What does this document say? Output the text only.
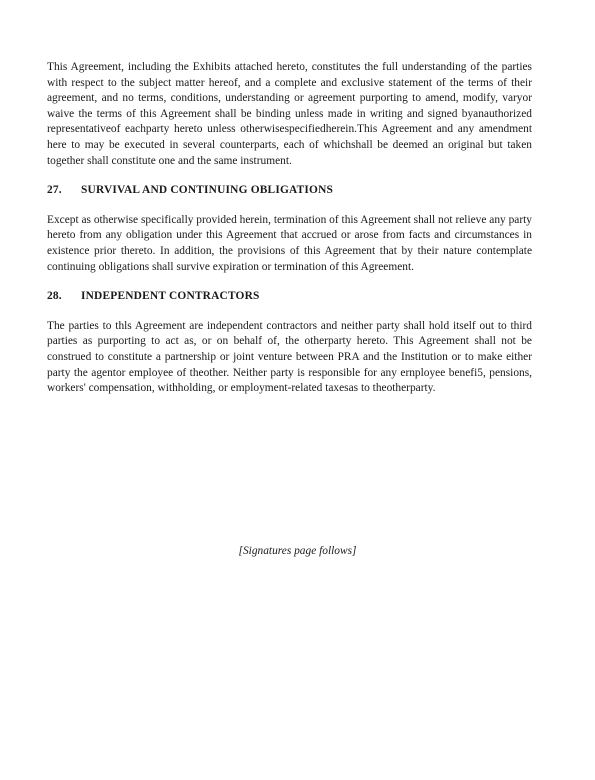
This Agreement, including the Exhibits attached hereto, constitutes the full understanding of the parties with respect to the subject matter hereof, and a complete and exclusive statement of the terms of their agreement, and no terms, conditions, understanding or agreement purporting to amend, modify, varyor waive the terms of this Agreement shall be binding unless made in writing and signed byanauthorized representativeof eachparty hereto unless otherwisespecifiedherein.This Agreement and any amendment here to may be executed in several counterparts, each of whichshall be deemed an original but taken together shall constitute one and the same instrument.

27. SURVIVAL AND CONTINUING OBLIGATIONS

Except as otherwise specifically provided herein, termination of this Agreement shall not relieve any party hereto from any obligation under this Agreement that accrued or arose from facts and circumstances in existence prior thereto. In addition, the provisions of this Agreement that by their nature contemplate continuing obligations shall survive expiration or termination of this Agreement.

28. INDEPENDENT CONTRACTORS

The parties to thls Agreement are independent contractors and neither party shall hold itself out to third parties as purporting to act as, or on behalf of, the otherparty hereto. This Agreement shall not be construed to constitute a partnership or joint venture between PRA and the Institution or to make either party the agentor employee of theother. Neither party is responsible for any ernployee benefi5, pensions, workers' compensation, withholding, or employment-related taxesas to theotherparty.

[Signatures page follows]
